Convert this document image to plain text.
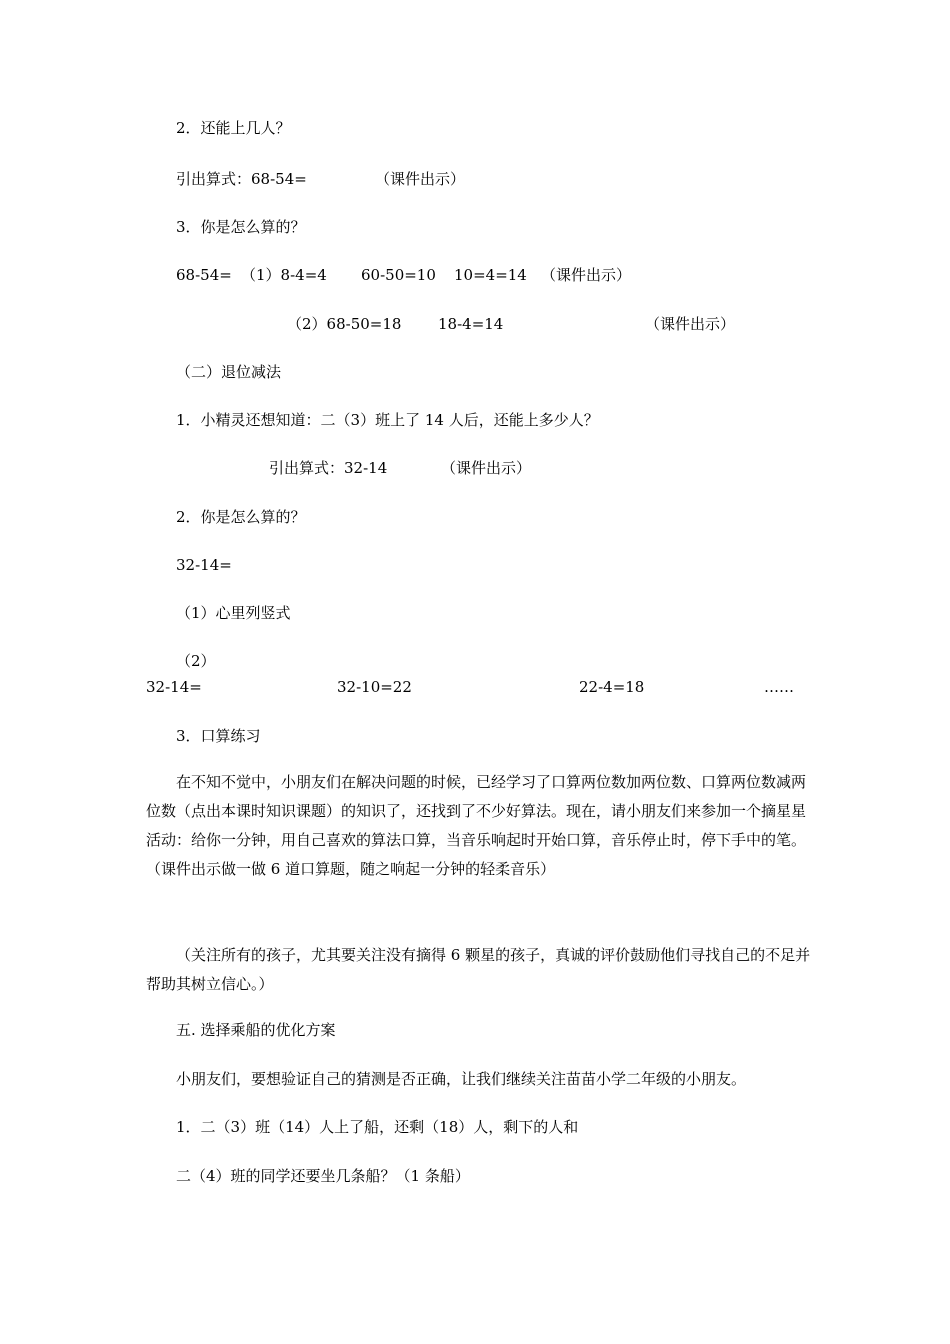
2．还能上几人？
引出算式：68-54=	（课件出示）
3．你是怎么算的？
68-54= （1）8-4=4 60-50=10 10=4=14 （课件出示）
（2）68-50=18 18-4=14	（课件出示）
（二）退位减法
1．小精灵还想知道：二（3）班上了 14 人后，还能上多少人？
引出算式：32-14	（课件出示）
2．你是怎么算的？
32-14=
（1）心里列竖式
（2）
32-14=	32-10=22	22-4=18	……
3．口算练习
在不知不觉中，小朋友们在解决问题的时候，已经学习了口算两位数加两位数、口算两位数减两位数（点出本课时知识课题）的知识了，还找到了不少好算法。现在，请小朋友们来参加一个摘星星活动：给你一分钟，用自己喜欢的算法口算，当音乐响起时开始口算，音乐停止时，停下手中的笔。（课件出示做一做 6 道口算题，随之响起一分钟的轻柔音乐）
（关注所有的孩子，尤其要关注没有摘得 6 颗星的孩子，真诚的评价鼓励他们寻找自己的不足并帮助其树立信心。）
五. 选择乘船的优化方案
小朋友们，要想验证自己的猜测是否正确，让我们继续关注苗苗小学二年级的小朋友。
1．二（3）班（14）人上了船，还剩（18）人，剩下的人和
二（4）班的同学还要坐几条船？（1 条船）
